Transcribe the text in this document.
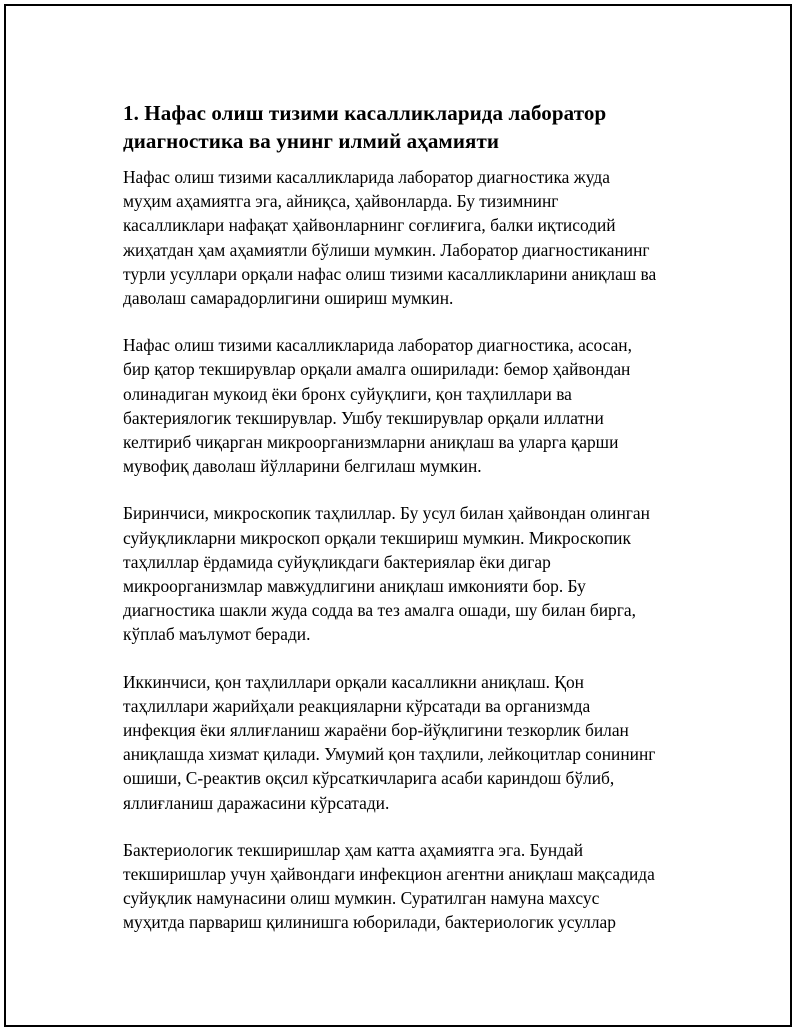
1. Нафас олиш тизими касалликларида лаборатор диагностика ва унинг илмий аҳамияти

Нафас олиш тизими касалликларида лаборатор диагностика жуда
муҳим аҳамиятга эга, айниқса, ҳайвонларда. Бу тизимнинг
касалликлари нафақат ҳайвонларнинг соғлиғига, балки иқтисодий
жиҳатдан ҳам аҳамиятли бўлиши мумкин. Лаборатор диагностиканинг
турли усуллари орқали нафас олиш тизими касалликларини аниқлаш ва
даволаш самарадорлигини ошириш мумкин.

Нафас олиш тизими касалликларида лаборатор диагностика, асосан,
бир қатор текширувлар орқали амалга оширилади: бемор ҳайвондан
олинадиган мукоид ёки бронх суйуқлиги, қон таҳлиллари ва
бактериялогик текширувлар. Ушбу текширувлар орқали иллатни
келтириб чиқарган микроорганизмларни аниқлаш ва уларга қарши
мувофиқ даволаш йўлларини белгилаш мумкин.

Биринчиси, микроскопик таҳлиллар. Бу усул билан ҳайвондан олинган
суйуқликларни микроскоп орқали текшириш мумкин. Микроскопик
таҳлиллар ёрдамида суйуқликдаги бактериялар ёки дигар
микроорганизмлар мавжудлигини аниқлаш имконияти бор. Бу
диагностика шакли жуда содда ва тез амалга ошади, шу билан бирга,
кўплаб маълумот беради.

Иккинчиси, қон таҳлиллари орқали касалликни аниқлаш. Қон
таҳлиллари жарийҳали реакцияларни кўрсатади ва организмда
инфекция ёки яллиғланиш жараёни бор-йўқлигини тезкорлик билан
аниқлашда хизмат қилади. Умумий қон таҳлили, лейкоцитлар сонининг
ошиши, С-реактив оқсил кўрсаткичларига асаби кариндош бўлиб,
яллиғланиш даражасини кўрсатади.

Бактериологик текширишлар ҳам катта аҳамиятга эга. Бундай
текширишлар учун ҳайвондаги инфекцион агентни аниқлаш мақсадида
суйуқлик намунасини олиш мумкин. Суратилган намуна махсус
муҳитда парвариш қилинишга юборилади, бактериологик усуллар
